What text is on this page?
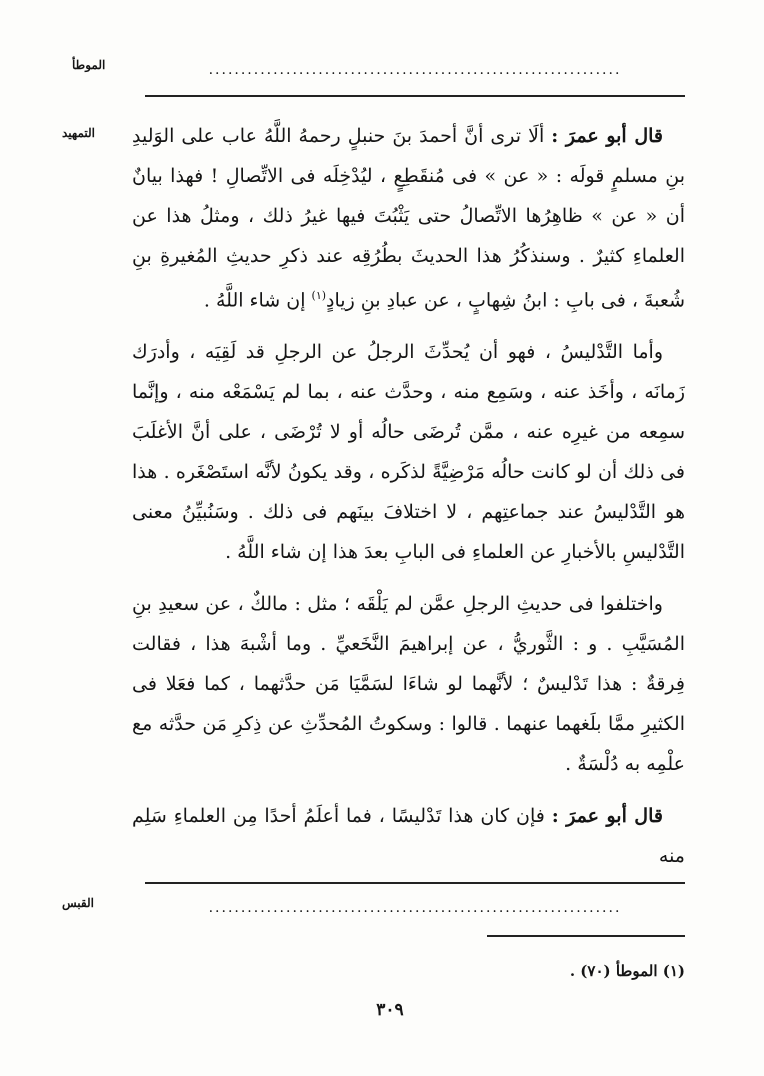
الموطأ	................................................................
التمهيد	قال أبو عمرَ : ألَا ترى أنَّ أحمدَ بنَ حنبلٍ رحمهُ اللَّهُ عاب على الوَليدِ بنِ مسلمٍ قولَه : « عن » فى مُنقَطِعٍ ، ليُدْخِلَه فى الاتِّصالِ ! فهذا بيانٌ أن « عن » ظاهِرُها الاتِّصالُ حتى يَثْبُتَ فيها غيرُ ذلك ، ومثلُ هذا عن العلماءِ كثيرٌ . وسنذكُرُ هذا الحديثَ بطُرُقِه عند ذكرِ حديثِ المُغيرةِ بنِ شُعبةَ ، فى بابِ : ابنُ شِهابٍ ، عن عبادِ بنِ زيادٍ$^{(١)}$ إن شاء اللَّهُ .

وأما التَّدْليسُ ، فهو أن يُحدِّثَ الرجلُ عن الرجلِ قد لَقِيَه ، وأدرَك زَمانَه ، وأخَذ عنه ، وسَمِع منه ، وحدَّث عنه ، بما لم يَسْمَعْه منه ، وإنَّما سمِعه من غيرِه عنه ، ممَّن تُرضَى حالُه أو لا تُرْضَى ، على أنَّ الأغلَبَ فى ذلك أن لو كانت حالُه مَرْضِيَّةً لذكَره ، وقد يكونُ لأنَّه استَصْغَره . هذا هو التَّدْليسُ عند جماعتِهم ، لا اختلافَ بينَهم فى ذلك . وسَنُبيِّنُ معنى التَّدْليسِ بالأخبارِ عن العلماءِ فى البابِ بعدَ هذا إن شاء اللَّهُ .

واختلفوا فى حديثِ الرجلِ عمَّن لم يَلْقَه ؛ مثل : مالكٌ ، عن سعيدِ بنِ المُسَيَّبِ . و : الثَّوريُّ ، عن إبراهيمَ النَّخَعيِّ . وما أشْبهَ هذا ، فقالت فِرقةٌ : هذا تَدْليسٌ ؛ لأنَّهما لو شاءَا لسَمَّيَا مَن حدَّثهما ، كما فعَلا فى الكثيرِ ممَّا بلَغهما عنهما . قالوا : وسكوتُ المُحدِّثِ عن ذِكرِ مَن حدَّثه مع علْمِه به دُلْسَةٌ .

قال أبو عمرَ : فإن كان هذا تَدْليسًا ، فما أعلَمُ أحدًا مِن العلماءِ سَلِم منه

القبس	................................................................
(١) الموطأ (٧٠) .
٣٠٩
